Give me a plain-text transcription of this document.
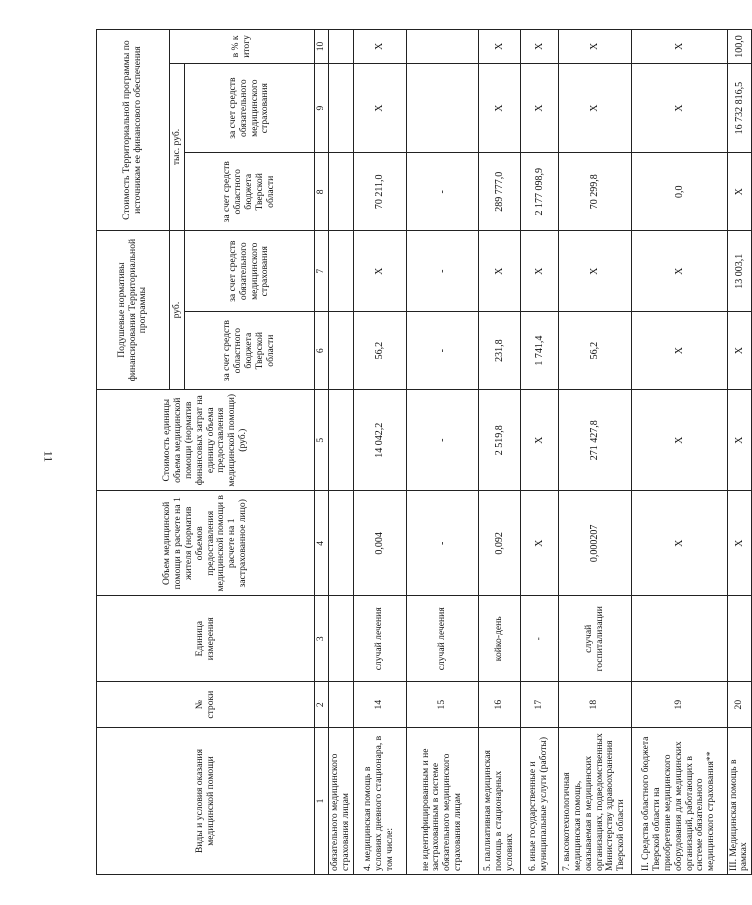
11
Виды и условия оказания медицинской помощи	№ строки	Единица измерения	Объем медицинской помощи в расчете на 1 жителя (норматив объемов предоставления медицинской помощи в расчете на 1 застрахованное лицо)	Стоимость единицы объема медицинской помощи (норматив финансовых затрат на единицу объема предоставления медицинской помощи) (руб.)	Подушевые нормативы финансирования Территориальной программы		Стоимость Территориальной программы по источникам ее финансового обеспечения		
					руб.		тыс. руб.		в % к итогу
					за счет средств областного бюджета Тверской области	за счет средств обязательного медицинского страхования	за счет средств областного бюджета Тверской области	за счет средств обязательного медицинского страхования	
1	2	3	4	5	6	7	8	9	10
обязательного медицинского страхования лицам									
4. медицинская помощь в условиях дневного стационара, в том числе:	14	случай лечения	0,004	14 042,2	56,2	Х	70 211,0	Х	Х
не идентифицированным и не застрахованным в системе обязательного медицинского страхования лицам	15	случай лечения	-	-	-	-	-		
5. паллиативная медицинская помощь в стационарных условиях	16	койко-день	0,092	2 519,8	231,8	Х	289 777,0	Х	Х
6. иные государственные и муниципальные услуги (работы)	17	-	Х	Х	1 741,4	Х	2 177 098,9	Х	Х
7. высокотехнологичная медицинская помощь, оказываемая в медицинских организациях, подведомственных Министерству здравоохранения Тверской области	18	случай госпитализации	0,000207	271 427,8	56,2	Х	70 299,8	Х	Х
II. Средства областного бюджета Тверской области на приобретение медицинского оборудования для медицинских организаций, работающих в системе обязательного медицинского страхования**	19		Х	Х	Х	Х	0,0	Х	Х
III. Медицинская помощь в рамках	20		Х	Х	Х	13 003,1	Х	16 732 816,5	100,0
